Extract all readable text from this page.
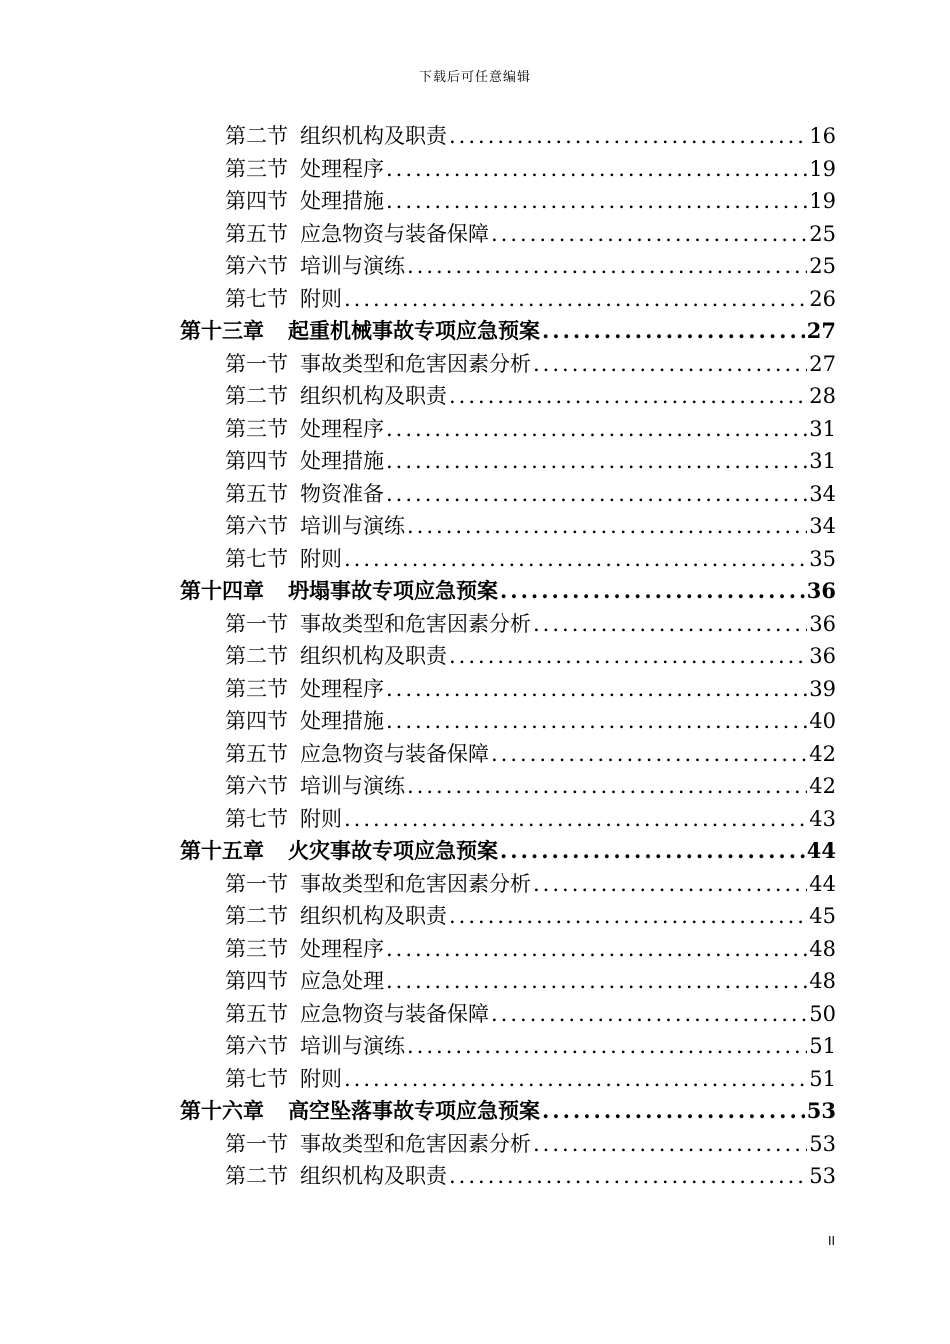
下载后可任意编辑
第二节 组织机构及职责 .....	16
第三节 处理程序 .....	19
第四节 处理措施 .....	19
第五节 应急物资与装备保障 .....	25
第六节 培训与演练 .....	25
第七节 附则 .....	26
第十三章 起重机械事故专项应急预案 .....	27
第一节 事故类型和危害因素分析 .....	27
第二节 组织机构及职责 .....	28
第三节 处理程序 .....	31
第四节 处理措施 .....	31
第五节 物资准备 .....	34
第六节 培训与演练 .....	34
第七节 附则 .....	35
第十四章 坍塌事故专项应急预案 .....	36
第一节 事故类型和危害因素分析 .....	36
第二节 组织机构及职责 .....	36
第三节 处理程序 .....	39
第四节 处理措施 .....	40
第五节 应急物资与装备保障 .....	42
第六节 培训与演练 .....	42
第七节 附则 .....	43
第十五章 火灾事故专项应急预案 .....	44
第一节 事故类型和危害因素分析 .....	44
第二节 组织机构及职责 .....	45
第三节 处理程序 .....	48
第四节 应急处理 .....	48
第五节 应急物资与装备保障 .....	50
第六节 培训与演练 .....	51
第七节 附则 .....	51
第十六章 高空坠落事故专项应急预案 .....	53
第一节 事故类型和危害因素分析 .....	53
第二节 组织机构及职责 .....	53
II
